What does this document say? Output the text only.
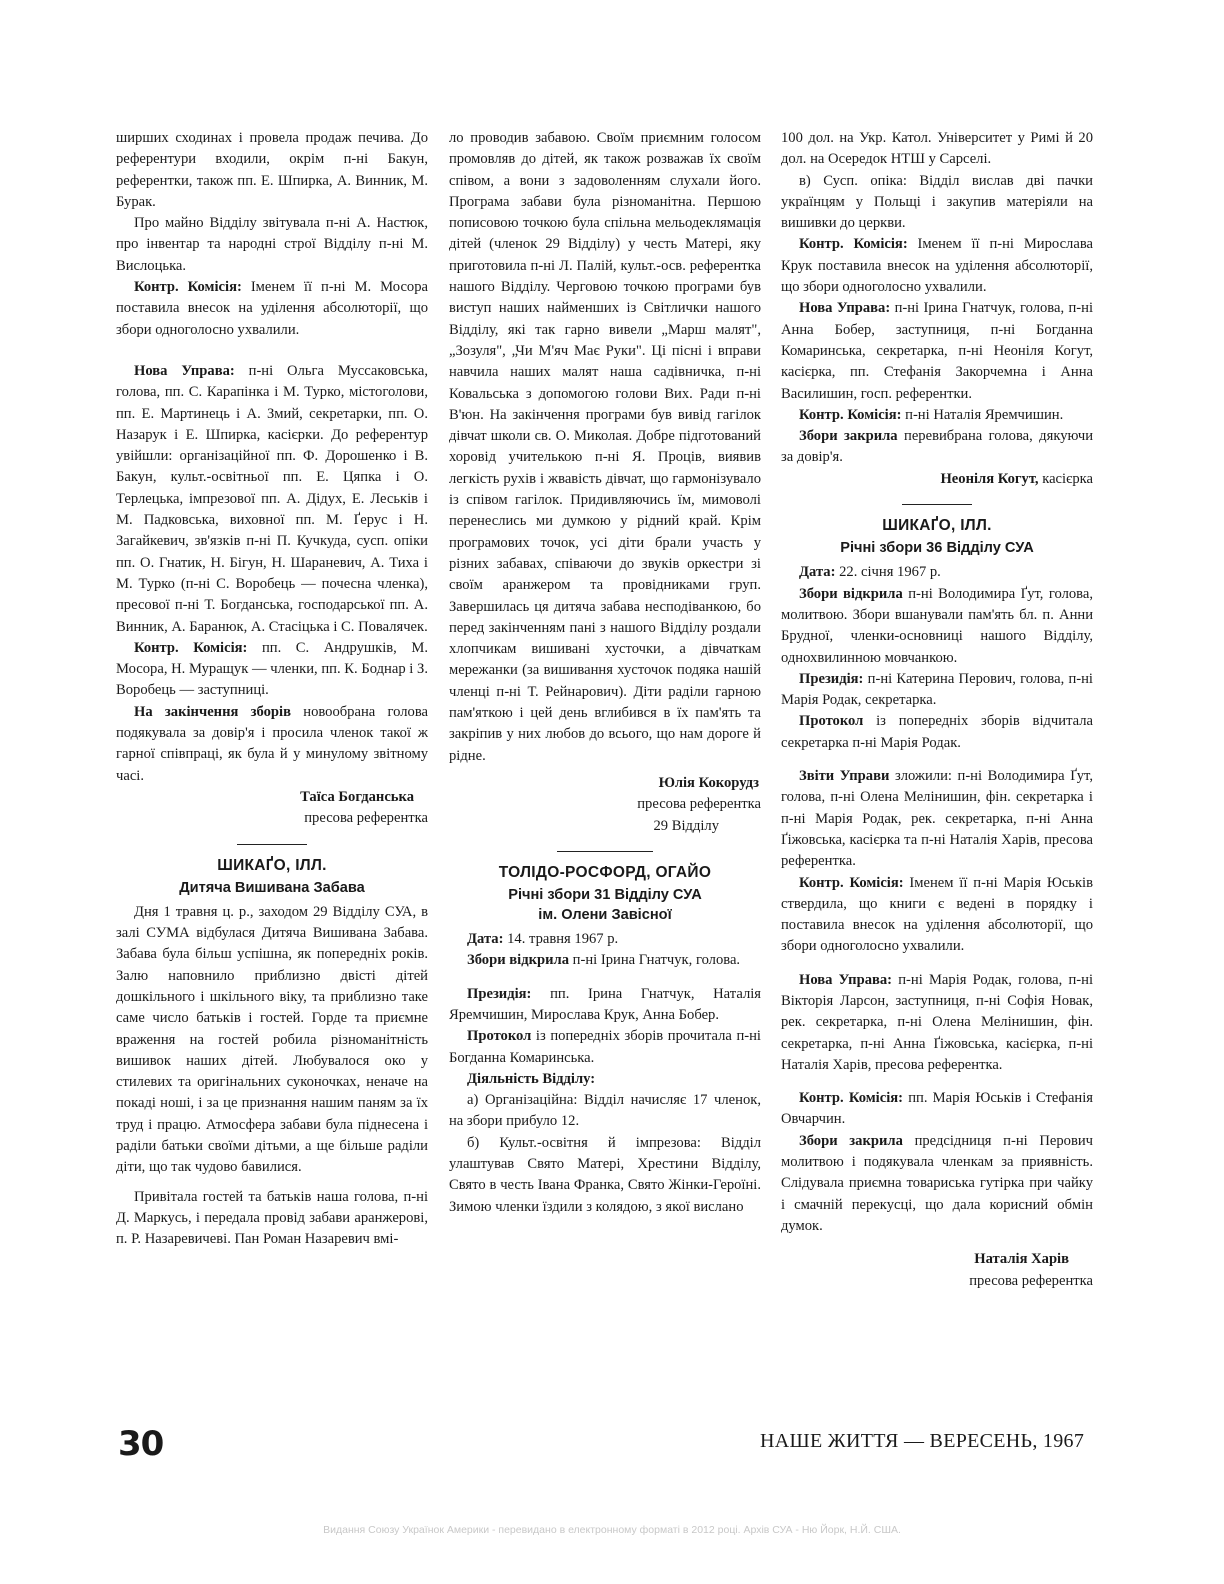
ширших сходинах і провела продаж печива. До референтури входили, окрім п-ні Бакун, референтки, також пп. Е. Шпирка, А. Винник, М. Бурак.

Про майно Відділу звітувала п-ні А. Настюк, про інвентар та народні строї Відділу п-ні М. Вислоцька.

Контр. Комісія: Іменем її п-ні М. Мосора поставила внесок на уділення абсолюторії, що збори одноголосно ухвалили.

Нова Управа: п-ні Ольга Муссаковська, голова, пп. С. Карапінка і М. Турко, містоголови, пп. Е. Мартинець і А. Змий, секретарки, пп. О. Назарук і Е. Шпирка, касієрки. До референтур увійшли: організаційної пп. Ф. Дорошенко і В. Бакун, культ.-освітньої пп. Е. Цяпка і О. Терлецька, імпрезової пп. А. Дідух, Е. Леськів і М. Падковська, виховної пп. М. Ґерус і Н. Загайкевич, зв'язків п-ні П. Кучкуда, сусп. опіки пп. О. Гнатик, Н. Бігун, Н. Шаранeвич, А. Тиха і М. Турко (п-ні С. Воробець — почесна членка), пресової п-ні Т. Богданська, господарської пп. А. Винник, А. Баранюк, А. Стасіцька і С. Повалячек.

Контр. Комісія: пп. С. Андрушків, М. Мосора, Н. Муращук — членки, пп. К. Боднар і З. Воробець — заступниці.

На закінчення зборів новообрана голова подякувала за довір'я і просила членок такої ж гарної співпраці, як була й у минулому звітному часі.

Таїса Богданська

пресова референтка

ШИКАҐО, ІЛЛ.
Дитяча Вишивана Забава

Дня 1 травня ц. р., заходом 29 Відділу СУА, в залі СУМА відбулася Дитяча Вишивана Забава. Забава була більш успішна, як попередніх років. Залю наповнило приблизно двісті дітей дошкільного і шкільного віку, та приблизно таке саме число батьків і гостей. Горде та приємне враження на гостей робила різноманітність вишивок наших дітей. Любувалося око у стилевих та оригінальних суконочках, неначе на покаді ноші, і за це признання нашим паням за їх труд і працю. Атмосфера забави була піднесена і раділи батьки своїми дітьми, а ще більше раділи діти, що так чудово бавилися.

Привітала гостей та батьків наша голова, п-ні Д. Маркусь, і передала провід забави аранжерові, п. Р. Назаревичеві. Пан Роман Назаревич вмі-

ло проводив забавою. Своїм приємним голосом промовляв до дітей, як також розважав їх своїм співом, а вони з задоволенням слухали його. Програма забави була різноманітна. Першою пописовою точкою була спільна мельодеклямація дітей (членок 29 Відділу) у честь Матері, яку приготовила п-ні Л. Палій, культ.-осв. референтка нашого Відділу. Черговою точкою програми був виступ наших найменших із Світлички нашого Відділу, які так гарно вивели „Марш малят", „Зозуля", „Чи М'яч Має Руки". Ці пісні і вправи навчила наших малят наша садівничка, п-ні Ковальська з допомогою голови Вих. Ради п-ні В'юн. На закінчення програми був вивід гагілок дівчат школи св. О. Миколая. Добре підготований хоровід учителькою п-ні Я. Проців, виявив легкість рухів і жвавість дівчат, що гармонізувало із співом гагілок. Придивляючись їм, мимоволі перенеслись ми думкою у рідний край. Крім програмових точок, усі діти брали участь у різних забавах, співаючи до звуків оркестри зі своїм аранжером та провідниками груп. Завершилась ця дитяча забава несподіванкою, бо перед закінченням пані з нашого Відділу роздали хлопчикам вишивані хусточки, а дівчаткам мережанки (за вишивання хусточок подяка нашій членці п-ні Т. Рейнарович). Діти раділи гарною пам'яткою і цей день вглибився в їх пам'ять та закріпив у них любов до всього, що нам дороге й рідне.

Юлія Кокорудз

пресова референтка

29 Відділу

ТОЛІДО-РОСФОРД, ОГАЙО
Річні збори 31 Відділу СУА
ім. Олени Завісної

Дата: 14. травня 1967 р.

Збори відкрила п-ні Ірина Гнатчук, голова.

Президія: пп. Ірина Гнатчук, Наталія Яремчишин, Мирослава Крук, Анна Бобер.

Протокол із попередніх зборів прочитала п-ні Богданна Комаринська.

Діяльність Відділу:

а) Організаційна: Відділ начисляє 17 членок, на збори прибуло 12.

б) Культ.-освітня й імпрезова: Відділ улаштував Свято Матері, Хрестини Відділу, Свято в честь Івана Франка, Свято Жінки-Героїні. Зимою членки їздили з колядою, з якої вислано

100 дол. на Укр. Катол. Університет у Римі й 20 дол. на Осередок НТШ у Сарселі.

в) Сусп. опіка: Відділ вислав дві пачки українцям у Польщі і закупив матеріяли на вишивки до церкви.

Контр. Комісія: Іменем її п-ні Мирослава Крук поставила внесок на уділення абсолюторії, що збори одноголосно ухвалили.

Нова Управа: п-ні Ірина Гнатчук, голова, п-ні Анна Бобер, заступниця, п-ні Богданна Комаринська, секретарка, п-ні Неоніля Когут, касієрка, пп. Стефанія Закорчемна і Анна Василишин, госп. референтки.

Контр. Комісія: п-ні Наталія Яремчишин.

Збори закрила перевибрана голова, дякуючи за довір'я.

Неоніля Когут, касієрка

ШИКАҐО, ІЛЛ.
Річні збори 36 Відділу СУА

Дата: 22. січня 1967 р.

Збори відкрила п-ні Володимира Ґут, голова, молитвою. Збори вшанували пам'ять бл. п. Анни Брудної, членки-основниці нашого Відділу, однохвилинною мовчанкою.

Президія: п-ні Катерина Перович, голова, п-ні Марія Родак, секретарка.

Протокол із попередніх зборів відчитала секретарка п-ні Марія Родак.

Звіти Управи зложили: п-ні Володимира Ґут, голова, п-ні Олена Мелінишин, фін. секретарка і п-ні Марія Родак, рек. секретарка, п-ні Анна Ґіжовська, касієрка та п-ні Наталія Харів, пресова референтка.

Контр. Комісія: Іменем її п-ні Марія Юськів ствердила, що книги є ведені в порядку і поставила внесок на уділення абсолюторії, що збори одноголосно ухвалили.

Нова Управа: п-ні Марія Родак, голова, п-ні Вікторія Ларсон, заступниця, п-ні Софія Новак, рек. секретарка, п-ні Олена Мелінишин, фін. секретарка, п-ні Анна Ґіжовська, касієрка, п-ні Наталія Харів, пресова референтка.

Контр. Комісія: пп. Марія Юськів і Стефанія Овчарчин.

Збори закрила предсідниця п-ні Перович молитвою і подякувала членкам за приявність. Слідувала приємна товариська гутірка при чайку і смачній перекусці, що дала корисний обмін думок.

Наталія Харів

пресова референтка

30	НАШЕ ЖИТТЯ — ВЕРЕСЕНЬ, 1967
Видання Союзу Українок Америки - перевидано в електронному форматі в 2012 році. Архів СУА - Ню Йорк, Н.Й. США.
